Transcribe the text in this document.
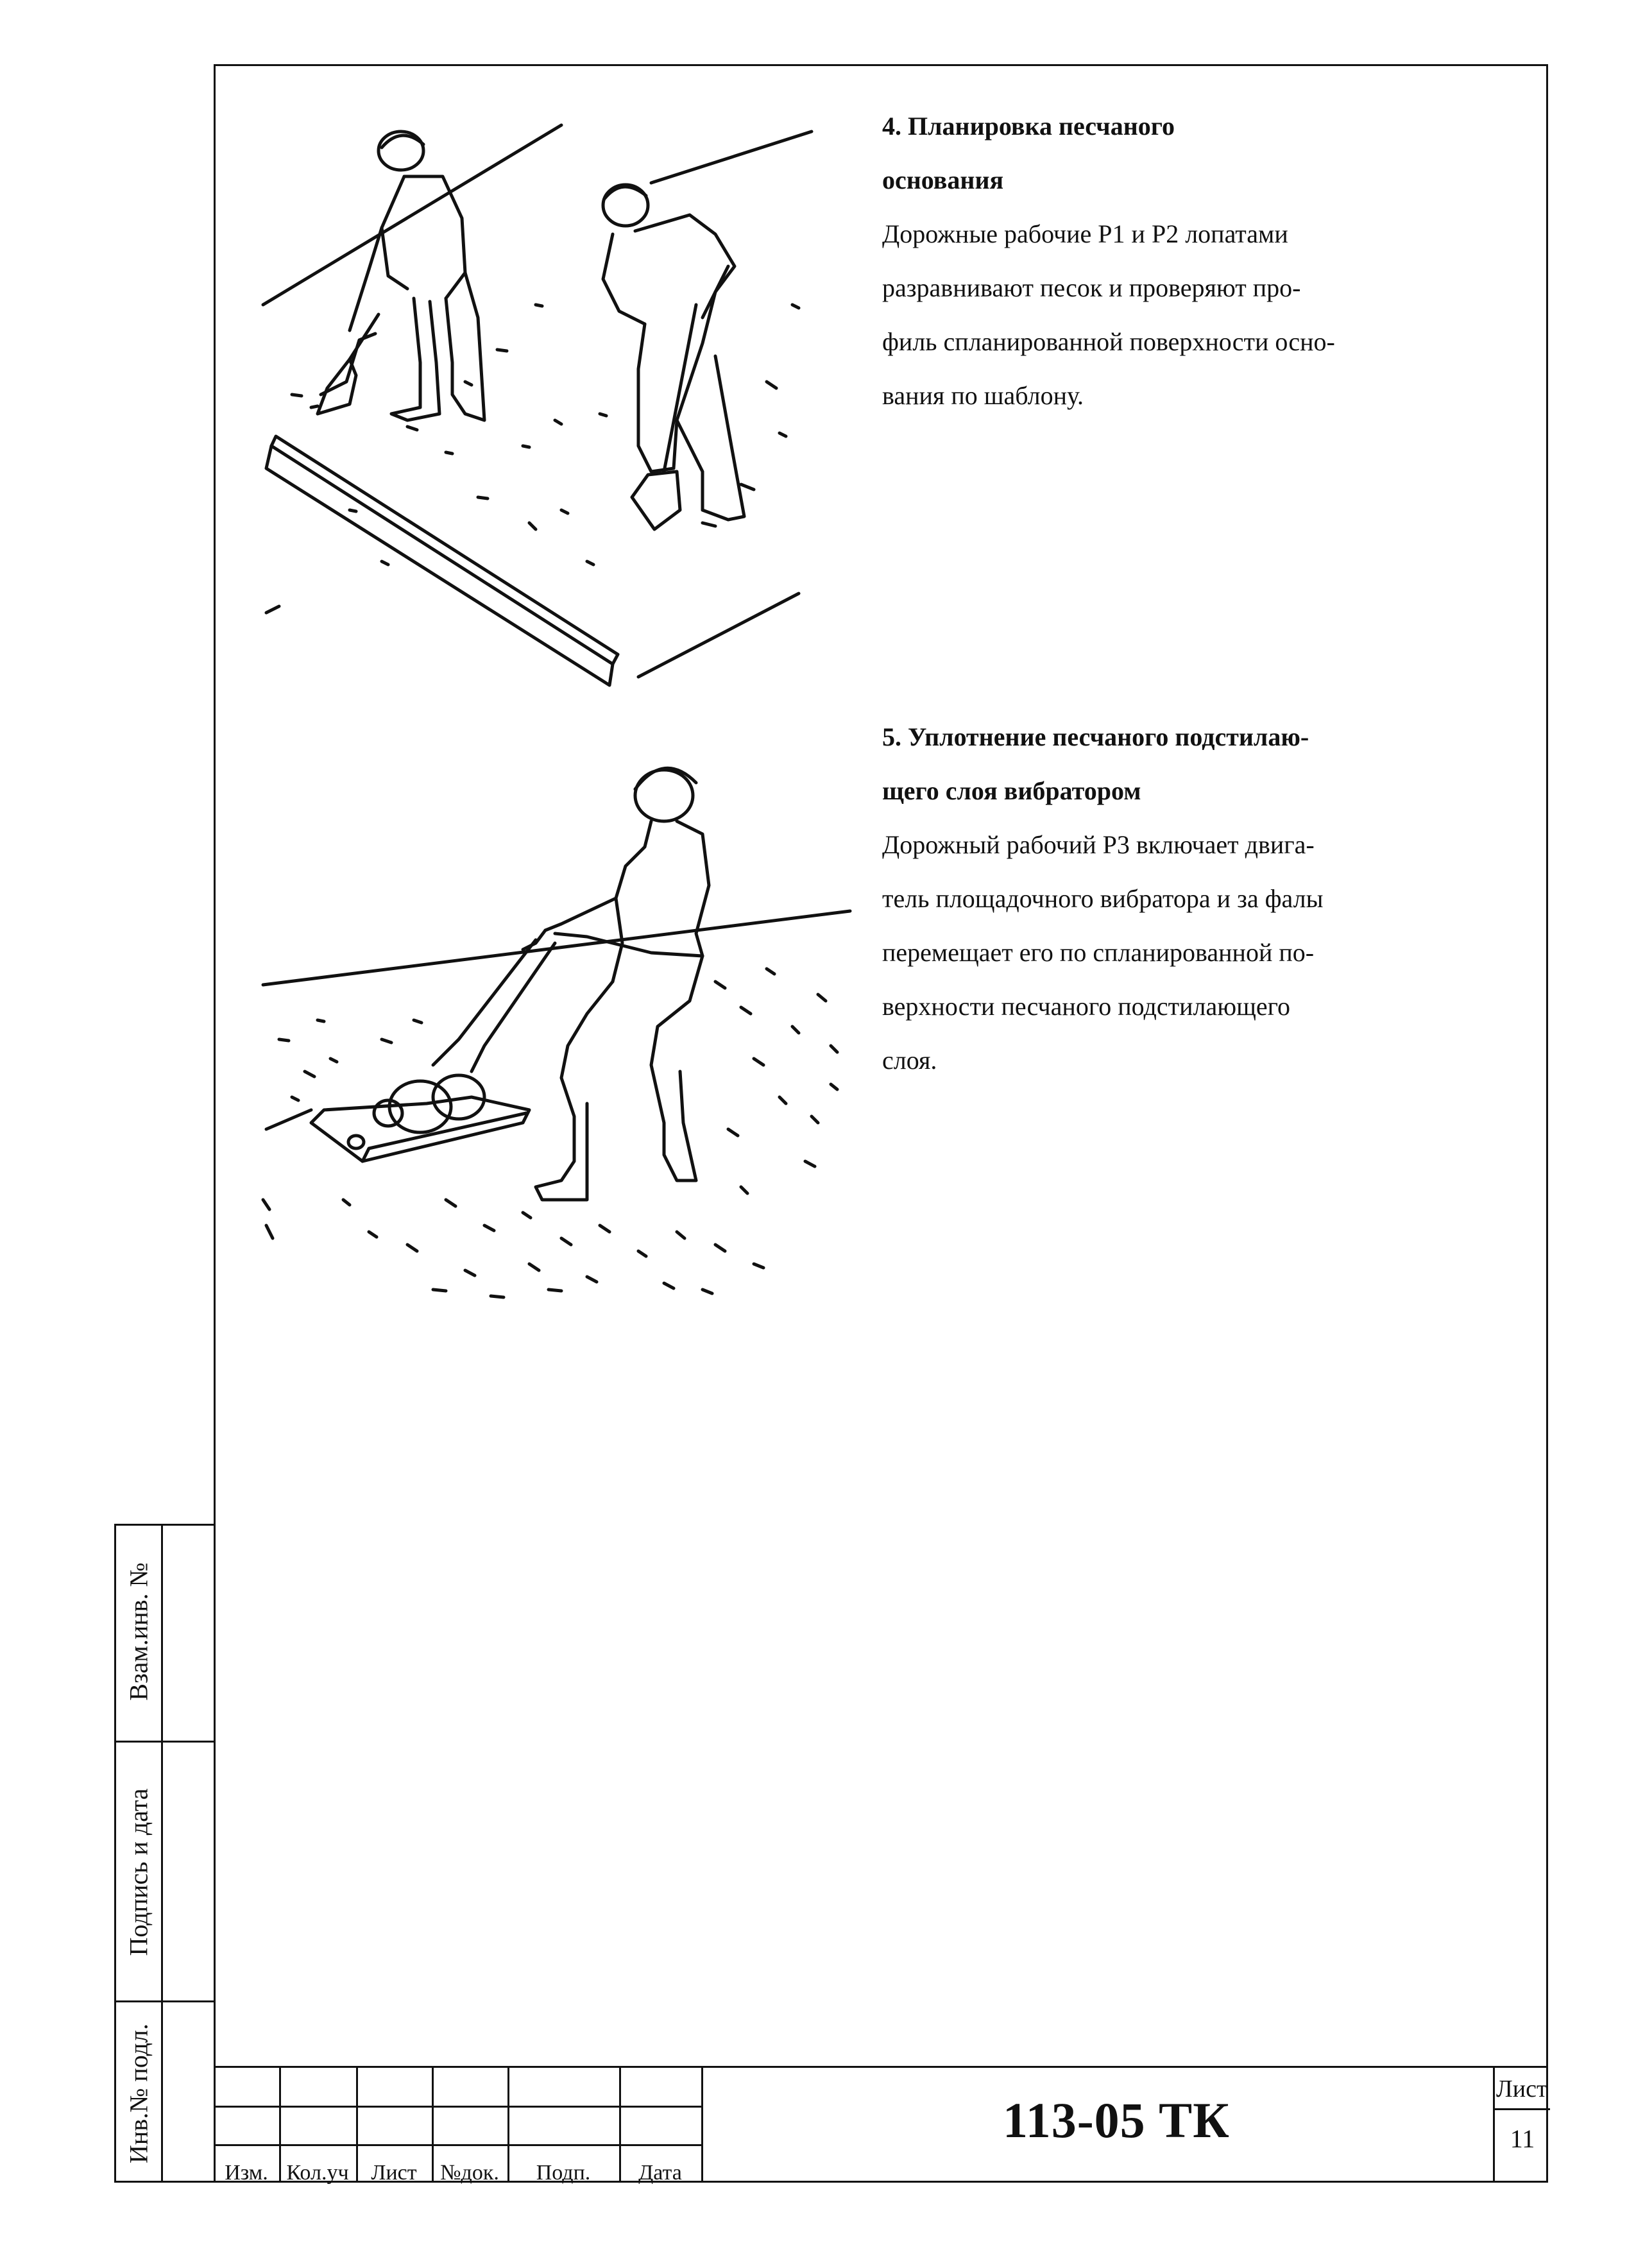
Взам.инв. №
Подпись и дата
Инв.№ подл.

4. Планировка песчаного

основания

Дорожные рабочие Р1 и Р2 лопатами

разравнивают песок и проверяют про-

филь спланированной поверхности осно-

вания по шаблону.

5. Уплотнение песчаного подстилаю-

щего слоя вибратором

Дорожный рабочий Р3 включает двига-

тель площадочного вибратора и за фалы

перемещает его по спланированной по-

верхности песчаного подстилающего

слоя.

Изм. Кол.уч	Лист	№док.	Подп.	Дата
113-05 ТК
Лист
11
